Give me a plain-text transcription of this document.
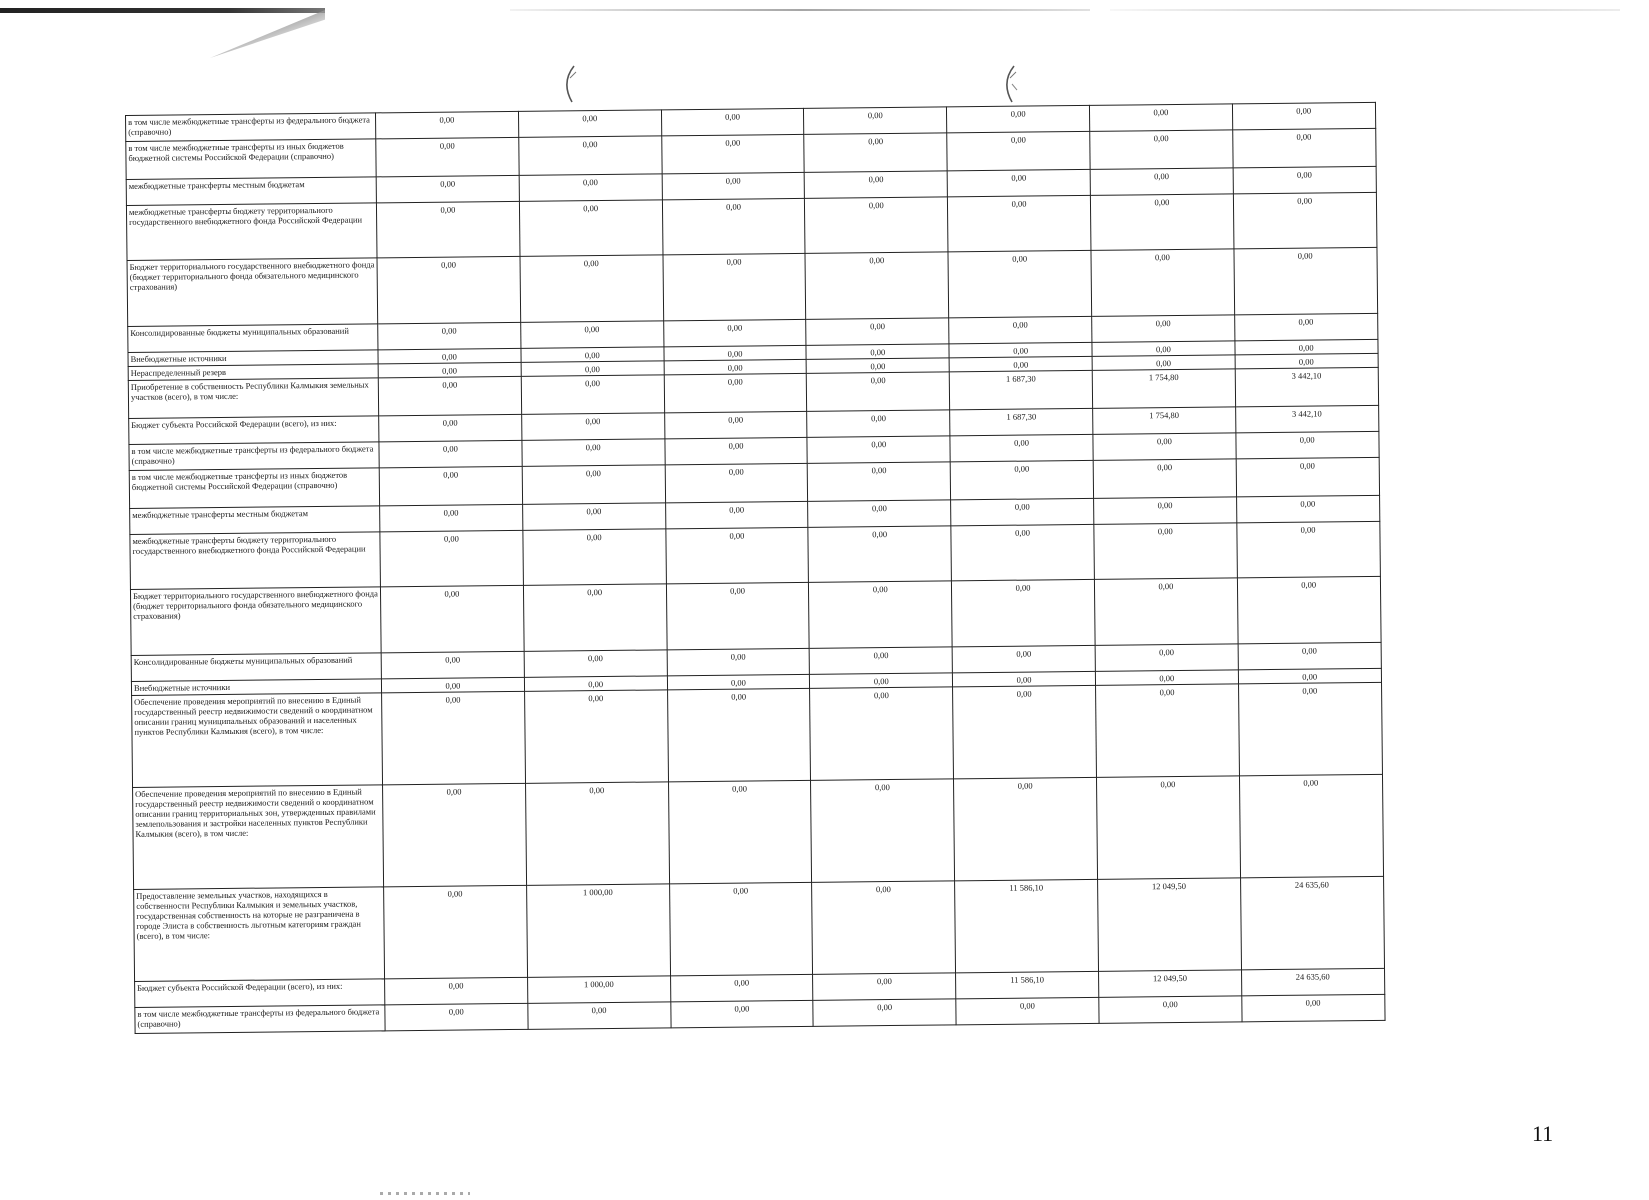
в том числе межбюджетные трансферты из федерального бюджета (справочно)	0,00	0,00	0,00	0,00	0,00	0,00	0,00
в том числе межбюджетные трансферты из иных бюджетов бюджетной системы Российской Федерации (справочно)	0,00	0,00	0,00	0,00	0,00	0,00	0,00
межбюджетные трансферты местным бюджетам	0,00	0,00	0,00	0,00	0,00	0,00	0,00
межбюджетные трансферты бюджету территориального государственного внебюджетного фонда Российской Федерации	0,00	0,00	0,00	0,00	0,00	0,00	0,00
Бюджет территориального государственного внебюджетного фонда (бюджет территориального фонда обязательного медицинского страхования)	0,00	0,00	0,00	0,00	0,00	0,00	0,00
Консолидированные бюджеты муниципальных образований	0,00	0,00	0,00	0,00	0,00	0,00	0,00
Внебюджетные источники	0,00	0,00	0,00	0,00	0,00	0,00	0,00
Нераспределенный резерв	0,00	0,00	0,00	0,00	0,00	0,00	0,00
Приобретение в собственность Республики Калмыкия земельных участков (всего), в том числе:	0,00	0,00	0,00	0,00	1 687,30	1 754,80	3 442,10
Бюджет субъекта Российской Федерации (всего), из них:	0,00	0,00	0,00	0,00	1 687,30	1 754,80	3 442,10
в том числе межбюджетные трансферты из федерального бюджета (справочно)	0,00	0,00	0,00	0,00	0,00	0,00	0,00
в том числе межбюджетные трансферты из иных бюджетов бюджетной системы Российской Федерации (справочно)	0,00	0,00	0,00	0,00	0,00	0,00	0,00
межбюджетные трансферты местным бюджетам	0,00	0,00	0,00	0,00	0,00	0,00	0,00
межбюджетные трансферты бюджету территориального государственного внебюджетного фонда Российской Федерации	0,00	0,00	0,00	0,00	0,00	0,00	0,00
Бюджет территориального государственного внебюджетного фонда (бюджет территориального фонда обязательного медицинского страхования)	0,00	0,00	0,00	0,00	0,00	0,00	0,00
Консолидированные бюджеты муниципальных образований	0,00	0,00	0,00	0,00	0,00	0,00	0,00
Внебюджетные источники	0,00	0,00	0,00	0,00	0,00	0,00	0,00
Обеспечение проведения мероприятий по внесению в Единый государственный реестр недвижимости сведений о координатном описании границ муниципальных образований и населенных пунктов Республики Калмыкия (всего), в том числе:	0,00	0,00	0,00	0,00	0,00	0,00	0,00
Обеспечение проведения мероприятий по внесению в Единый государственный реестр недвижимости сведений о координатном описании границ территориальных зон, утвержденных правилами землепользования и застройки населенных пунктов Республики Калмыкия (всего), в том числе:	0,00	0,00	0,00	0,00	0,00	0,00	0,00
Предоставление земельных участков, находящихся в собственности Республики Калмыкия и земельных участков, государственная собственность на которые не разграничена в городе Элиста в собственность льготным категориям граждан (всего), в том числе:	0,00	1 000,00	0,00	0,00	11 586,10	12 049,50	24 635,60
Бюджет субъекта Российской Федерации (всего), из них:	0,00	1 000,00	0,00	0,00	11 586,10	12 049,50	24 635,60
в том числе межбюджетные трансферты из федерального бюджета (справочно)	0,00	0,00	0,00	0,00	0,00	0,00	0,00
11
